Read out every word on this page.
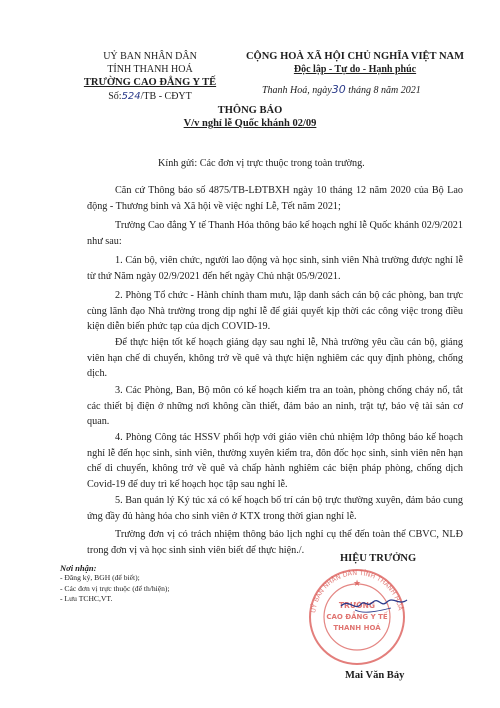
UỶ BAN NHÂN DÂN
TỈNH THANH HOÁ
TRƯỜNG CAO ĐẲNG Y TẾ
Số:524/TB - CĐYT
CỘNG HOÀ XÃ HỘI CHỦ NGHĨA VIỆT NAM
Độc lập - Tự do - Hạnh phúc
Thanh Hoá, ngày30 tháng 8 năm 2021
THÔNG BÁO
V/v nghỉ lễ Quốc khánh 02/09
Kính gửi: Các đơn vị trực thuộc trong toàn trường.
Căn cứ Thông báo số 4875/TB-LĐTBXH ngày 10 tháng 12 năm 2020 của Bộ Lao động - Thương binh và Xã hội về việc nghỉ Lễ, Tết năm 2021;
Trường Cao đẳng Y tế Thanh Hóa thông báo kế hoạch nghỉ lễ Quốc khánh 02/9/2021 như sau:
1. Cán bộ, viên chức, người lao động và học sinh, sinh viên Nhà trường được nghỉ lễ từ thứ Năm ngày 02/9/2021 đến hết ngày Chủ nhật 05/9/2021.
2. Phòng Tổ chức - Hành chính tham mưu, lập danh sách cán bộ các phòng, ban trực cùng lãnh đạo Nhà trường trong dịp nghỉ lễ để giải quyết kịp thời các công việc trong điều kiện diễn biến phức tạp của dịch COVID-19.
Để thực hiện tốt kế hoạch giảng dạy sau nghỉ lễ, Nhà trường yêu cầu cán bộ, giảng viên hạn chế di chuyển, không trở về quê và thực hiện nghiêm các quy định phòng, chống dịch.
3. Các Phòng, Ban, Bộ môn có kế hoạch kiểm tra an toàn, phòng chống cháy nổ, tắt các thiết bị điện ở những nơi không cần thiết, đảm bảo an ninh, trật tự, bảo vệ tài sản cơ quan.
4. Phòng Công tác HSSV phối hợp với giáo viên chủ nhiệm lớp thông báo kế hoạch nghỉ lễ đến học sinh, sinh viên, thường xuyên kiểm tra, đôn đốc học sinh, sinh viên nên hạn chế di chuyển, không trở về quê và chấp hành nghiêm các biện pháp phòng, chống dịch Covid-19 để duy trì kế hoạch học tập sau nghỉ lễ.
5. Ban quản lý Ký túc xá có kế hoạch bố trí cán bộ trực thường xuyên, đảm bảo cung ứng đầy đủ hàng hóa cho sinh viên ở KTX trong thời gian nghỉ lễ.
Trường đơn vị có trách nhiệm thông báo lịch nghỉ cụ thể đến toàn thể CBVC, NLĐ trong đơn vị và học sinh sinh viên biết để thực hiện./.
Nơi nhận:
- Đăng ký, BGH (để biết);
- Các đơn vị trực thuộc (để th/hiện);
- Lưu TCHC,VT.
HIỆU TRƯỞNG
UỶ BAN NHÂN DÂN TỈNH THANH HOÁ
TRƯỜNG
CAO ĐẲNG Y TẾ
THANH HOÁ
★
Mai Văn Bảy
